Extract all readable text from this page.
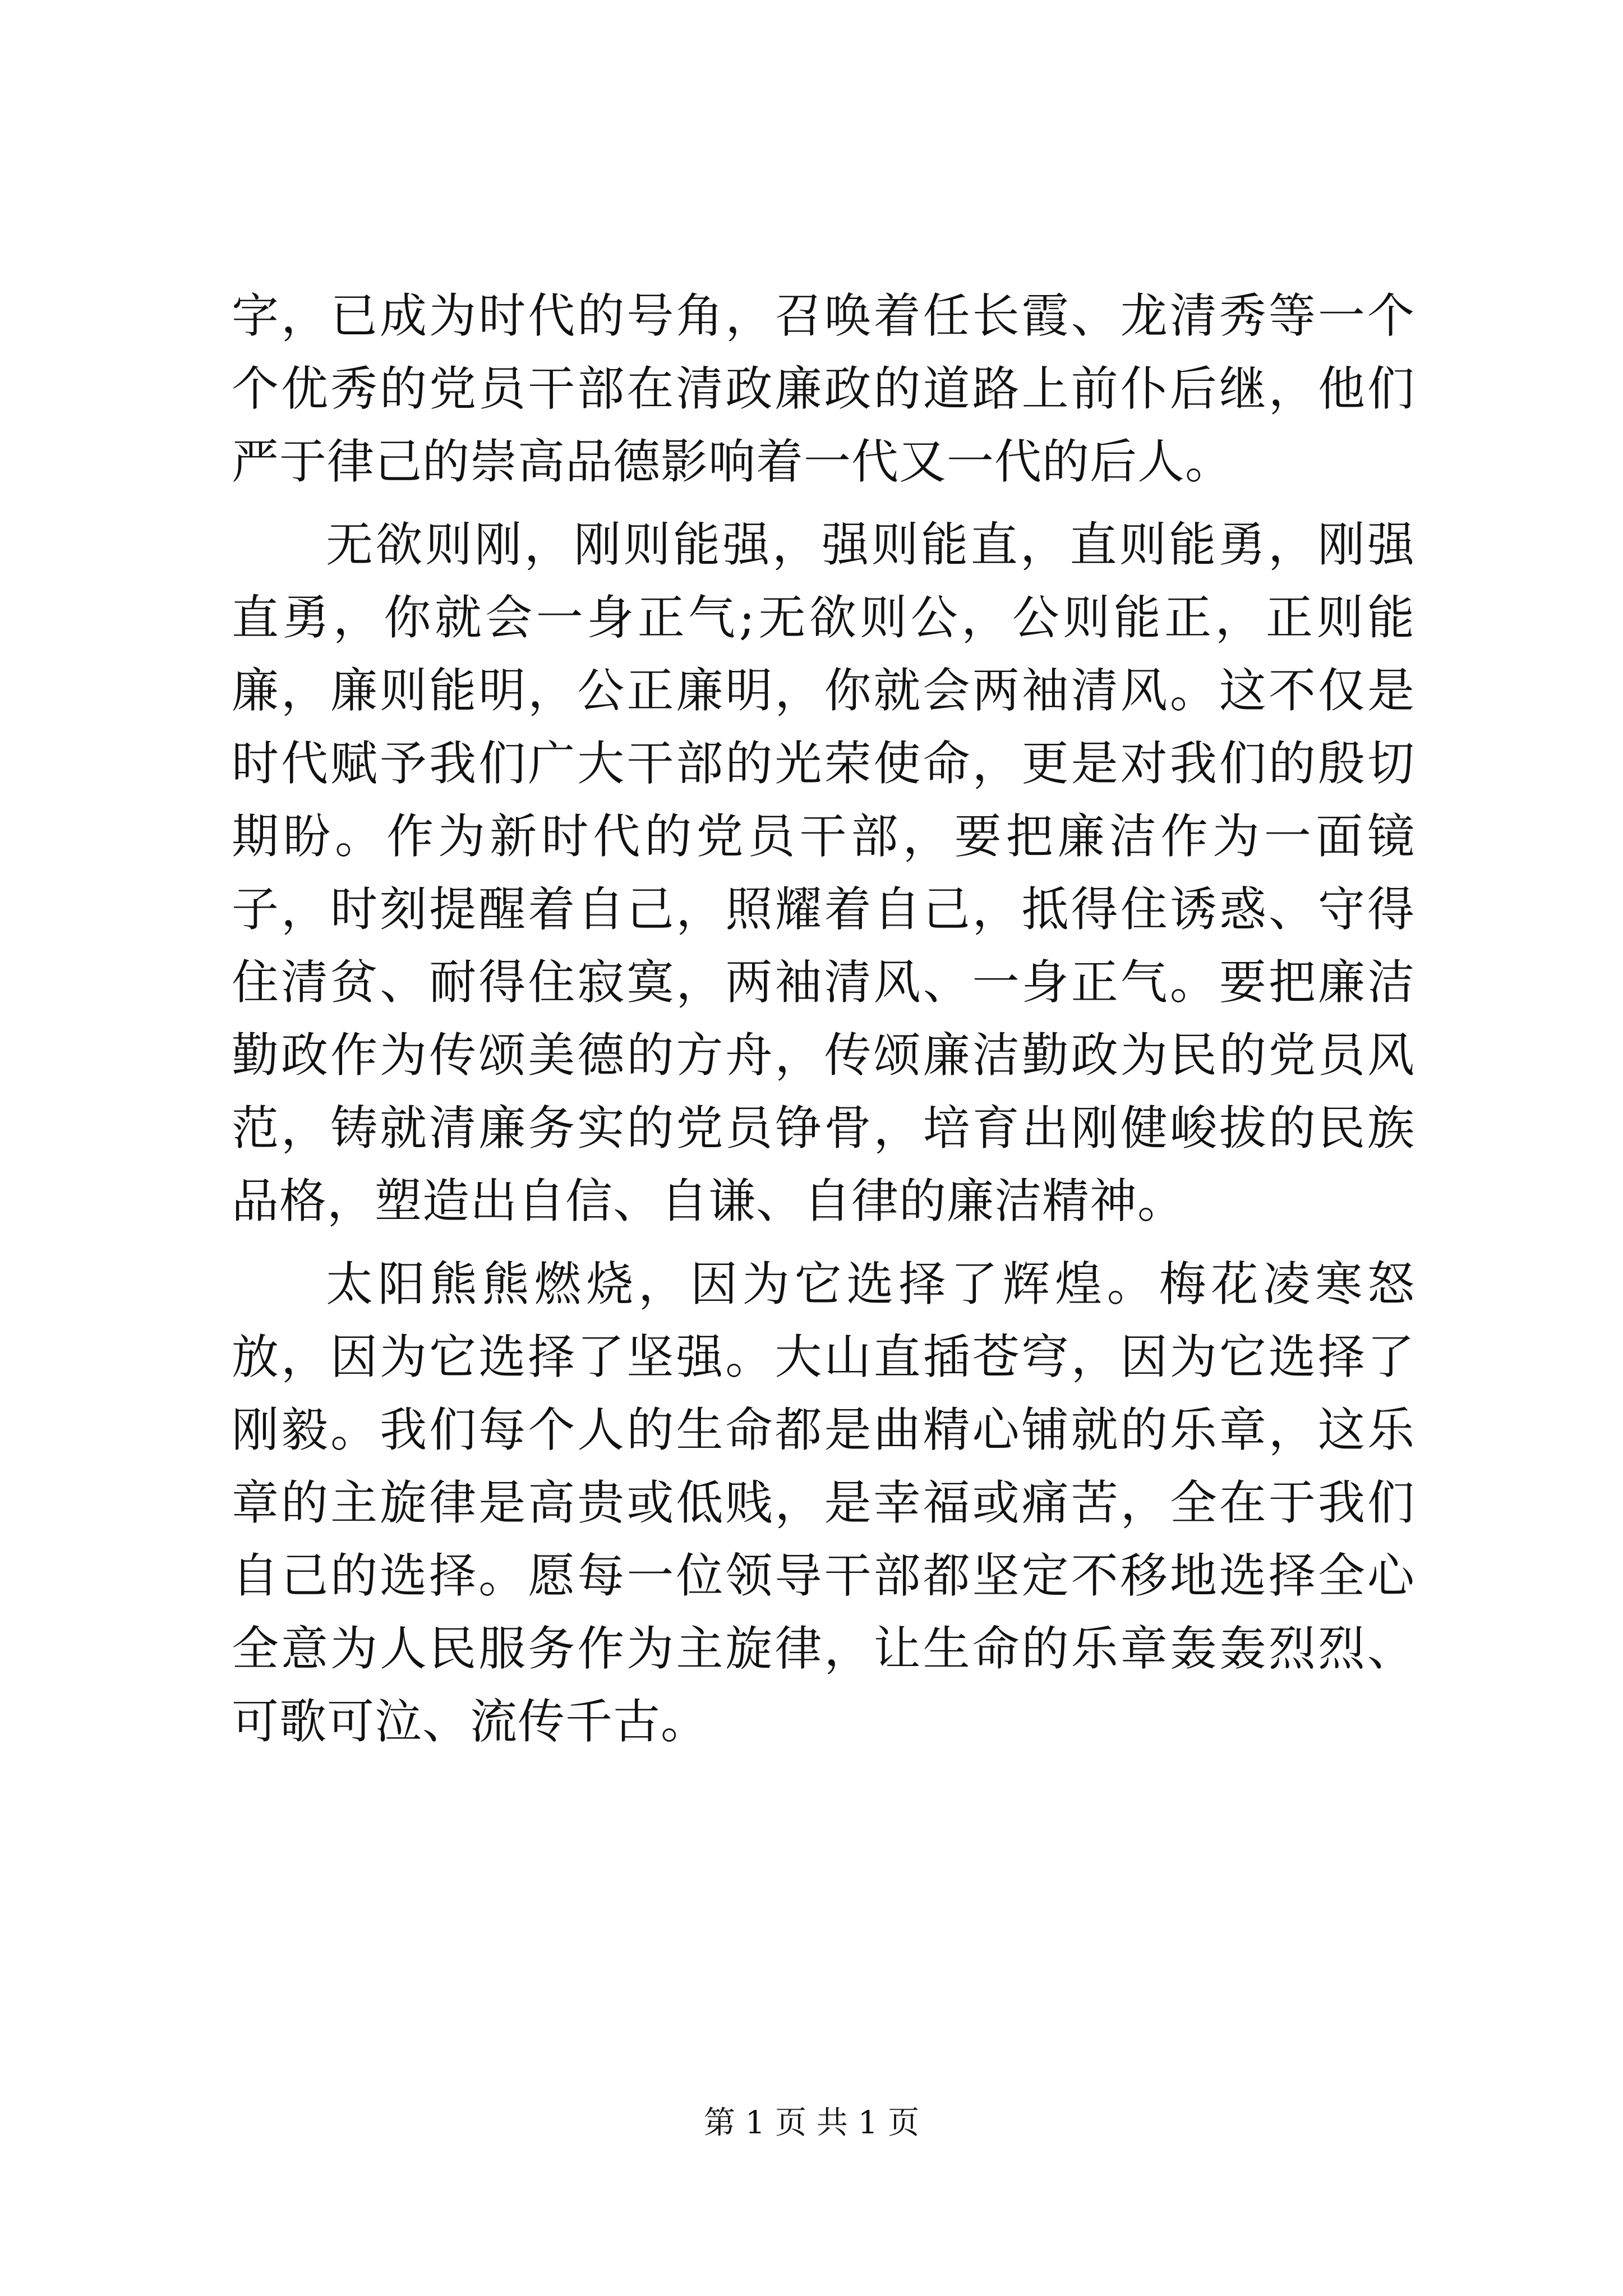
字，已成为时代的号角，召唤着任长霞、龙清秀等一个个优秀的党员干部在清政廉政的道路上前仆后继，他们严于律己的崇高品德影响着一代又一代的后人。

无欲则刚，刚则能强，强则能直，直则能勇，刚强直勇，你就会一身正气;无欲则公，公则能正，正则能廉，廉则能明，公正廉明，你就会两袖清风。这不仅是时代赋予我们广大干部的光荣使命，更是对我们的殷切期盼。作为新时代的党员干部，要把廉洁作为一面镜子，时刻提醒着自己，照耀着自己，抵得住诱惑、守得住清贫、耐得住寂寞，两袖清风、一身正气。要把廉洁勤政作为传颂美德的方舟，传颂廉洁勤政为民的党员风范，铸就清廉务实的党员铮骨，培育出刚健峻拔的民族品格，塑造出自信、自谦、自律的廉洁精神。

太阳熊熊燃烧，因为它选择了辉煌。梅花凌寒怒放，因为它选择了坚强。大山直插苍穹，因为它选择了刚毅。我们每个人的生命都是曲精心铺就的乐章，这乐章的主旋律是高贵或低贱，是幸福或痛苦，全在于我们自己的选择。愿每一位领导干部都坚定不移地选择全心全意为人民服务作为主旋律，让生命的乐章轰轰烈烈、可歌可泣、流传千古。

第 1 页 共 1 页
